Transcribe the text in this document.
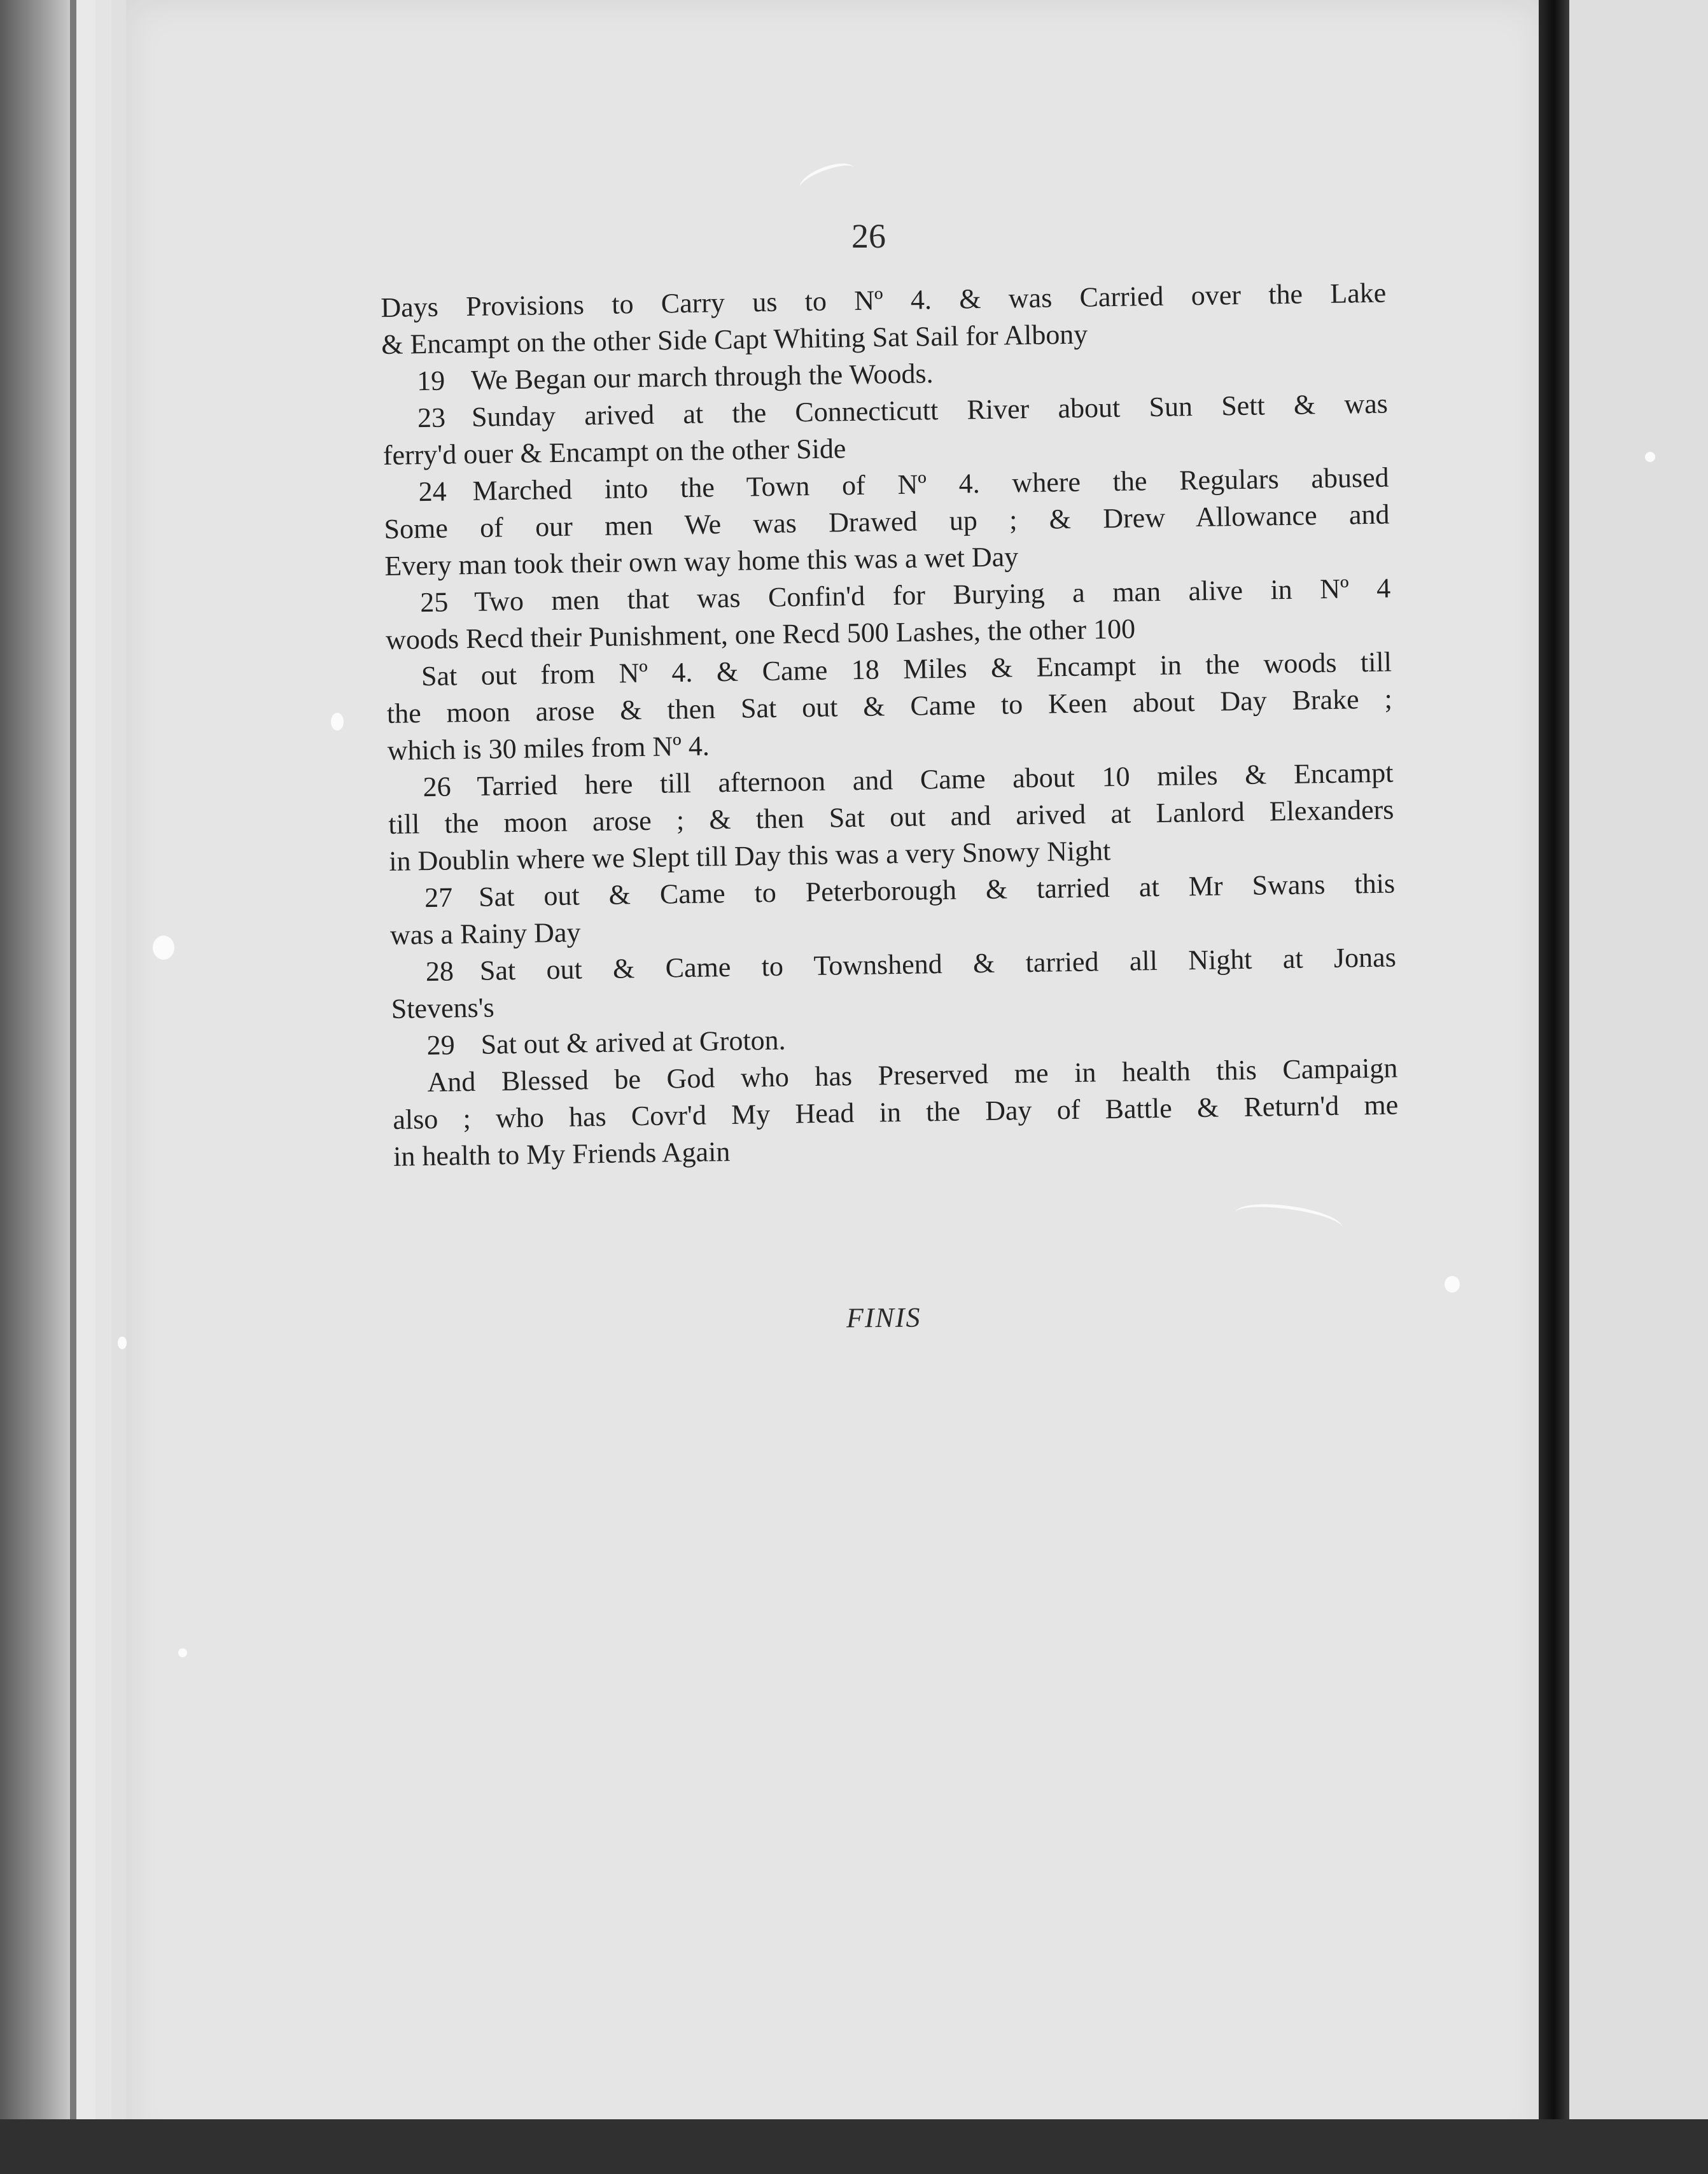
26
Days Provisions to Carry us to Nº 4. & was Carried over the Lake
& Encampt on the other Side Capt Whiting Sat Sail for Albony
19 We Began our march through the Woods.
23 Sunday arived at the Connecticutt River about Sun Sett & was
ferry'd ouer & Encampt on the other Side
24 Marched into the Town of Nº 4. where the Regulars abused
Some of our men We was Drawed up ; & Drew Allowance and
Every man took their own way home this was a wet Day
25 Two men that was Confin'd for Burying a man alive in Nº 4
woods Recd their Punishment, one Recd 500 Lashes, the other 100
Sat out from Nº 4. & Came 18 Miles & Encampt in the woods till
the moon arose & then Sat out & Came to Keen about Day Brake ;
which is 30 miles from Nº 4.
26 Tarried here till afternoon and Came about 10 miles & Encampt
till the moon arose ; & then Sat out and arived at Lanlord Elexanders
in Doublin where we Slept till Day this was a very Snowy Night
27 Sat out & Came to Peterborough & tarried at Mr Swans this
was a Rainy Day
28 Sat out & Came to Townshend & tarried all Night at Jonas
Stevens's
29 Sat out & arived at Groton.
And Blessed be God who has Preserved me in health this Campaign
also ; who has Covr'd My Head in the Day of Battle & Return'd me
in health to My Friends Again
FINIS
